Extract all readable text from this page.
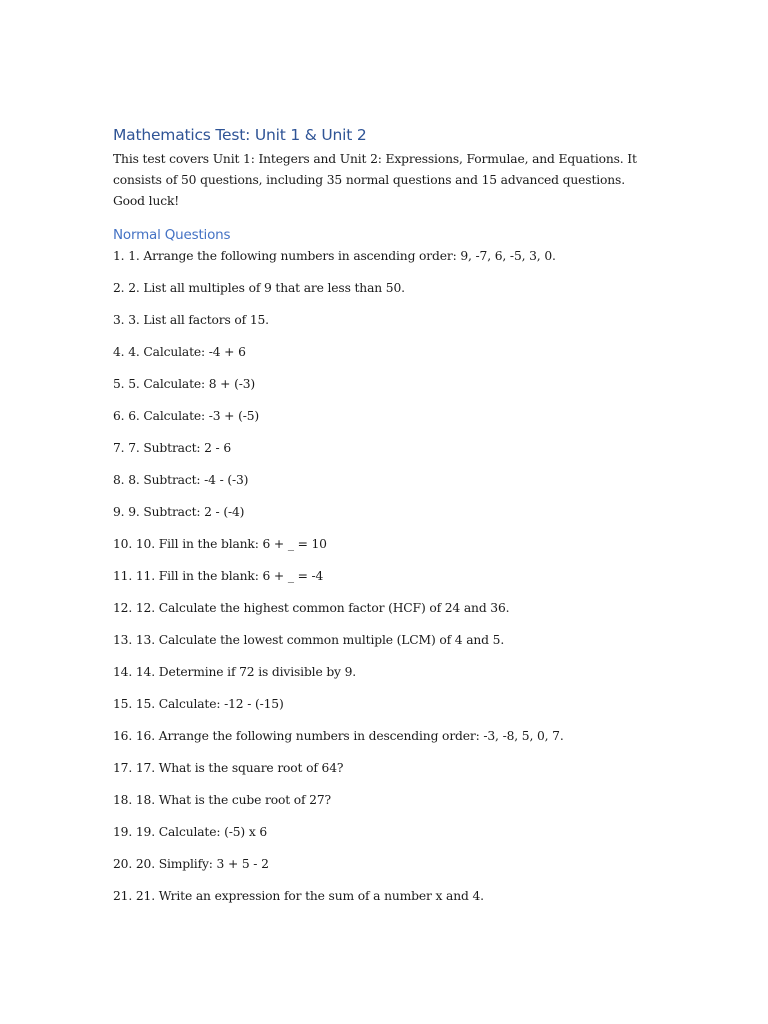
Mathematics Test: Unit 1 & Unit 2

This test covers Unit 1: Integers and Unit 2: Expressions, Formulae, and Equations. It consists of 50 questions, including 35 normal questions and 15 advanced questions. Good luck!

Normal Questions
1. 1. Arrange the following numbers in ascending order: 9, -7, 6, -5, 3, 0.
2. 2. List all multiples of 9 that are less than 50.
3. 3. List all factors of 15.
4. 4. Calculate: -4 + 6
5. 5. Calculate: 8 + (-3)
6. 6. Calculate: -3 + (-5)
7. 7. Subtract: 2 - 6
8. 8. Subtract: -4 - (-3)
9. 9. Subtract: 2 - (-4)
10. 10. Fill in the blank: 6 + _ = 10
11. 11. Fill in the blank: 6 + _ = -4
12. 12. Calculate the highest common factor (HCF) of 24 and 36.
13. 13. Calculate the lowest common multiple (LCM) of 4 and 5.
14. 14. Determine if 72 is divisible by 9.
15. 15. Calculate: -12 - (-15)
16. 16. Arrange the following numbers in descending order: -3, -8, 5, 0, 7.
17. 17. What is the square root of 64?
18. 18. What is the cube root of 27?
19. 19. Calculate: (-5) x 6
20. 20. Simplify: 3 + 5 - 2
21. 21. Write an expression for the sum of a number x and 4.
